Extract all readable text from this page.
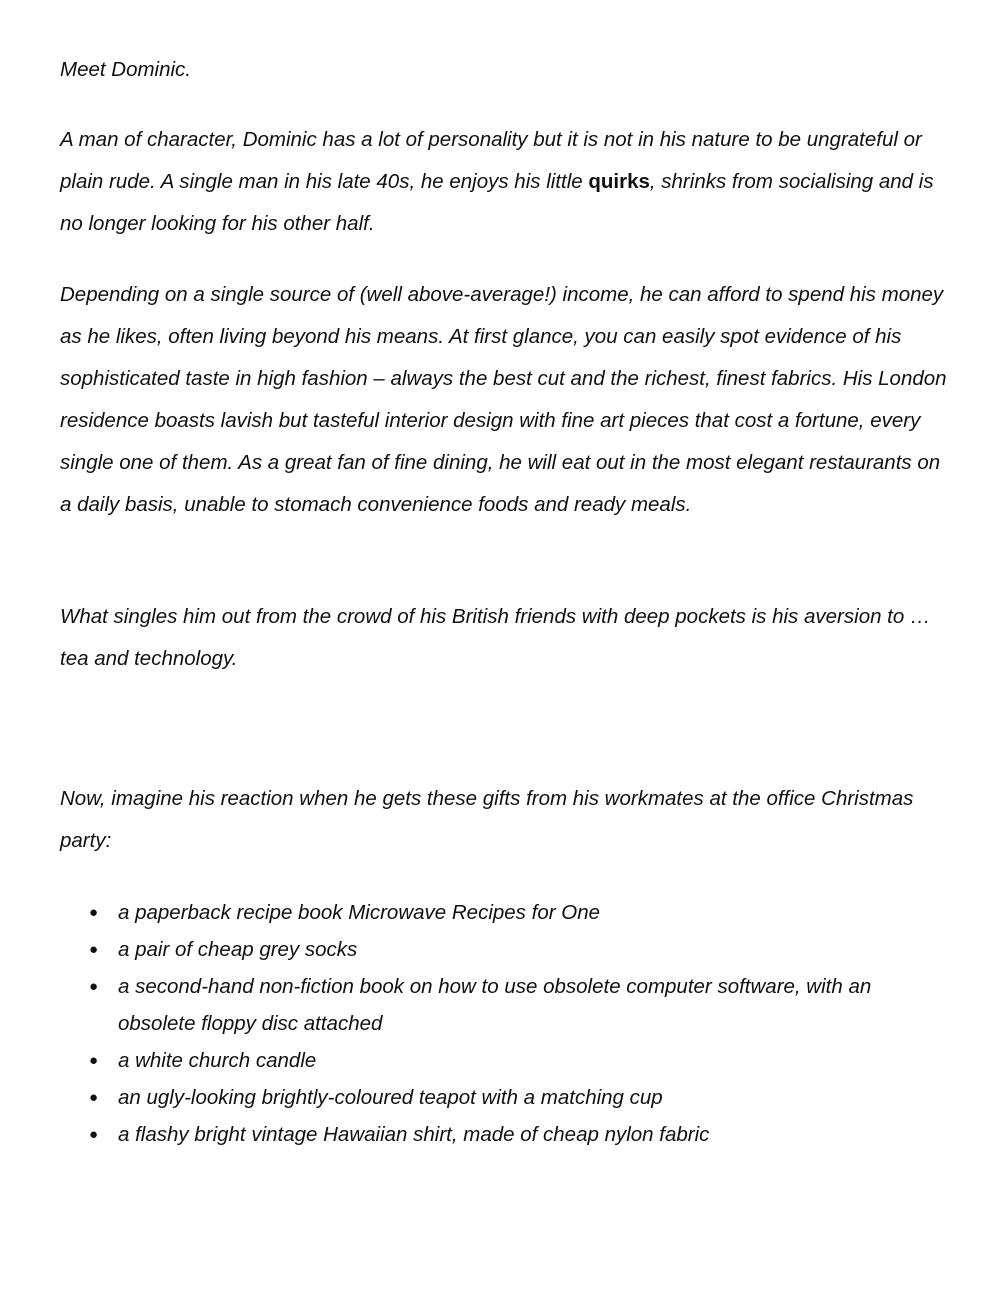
Meet Dominic.

A man of character, Dominic has a lot of personality but it is not in his nature to be ungrateful or plain rude. A single man in his late 40s, he enjoys his little quirks, shrinks from socialising and is no longer looking for his other half.

Depending on a single source of (well above-average!) income, he can afford to spend his money as he likes, often living beyond his means. At first glance, you can easily spot evidence of his sophisticated taste in high fashion – always the best cut and the richest, finest fabrics. His London residence boasts lavish but tasteful interior design with fine art pieces that cost a fortune, every single one of them. As a great fan of fine dining, he will eat out in the most elegant restaurants on a daily basis, unable to stomach convenience foods and ready meals.

What singles him out from the crowd of his British friends with deep pockets is his aversion to … tea and technology.

Now, imagine his reaction when he gets these gifts from his workmates at the office Christmas party:

● a paperback recipe book Microwave Recipes for One
● a pair of cheap grey socks
● a second-hand non-fiction book on how to use obsolete computer software, with an obsolete floppy disc attached
● a white church candle
● an ugly-looking brightly-coloured teapot with a matching cup
● a flashy bright vintage Hawaiian shirt, made of cheap nylon fabric
